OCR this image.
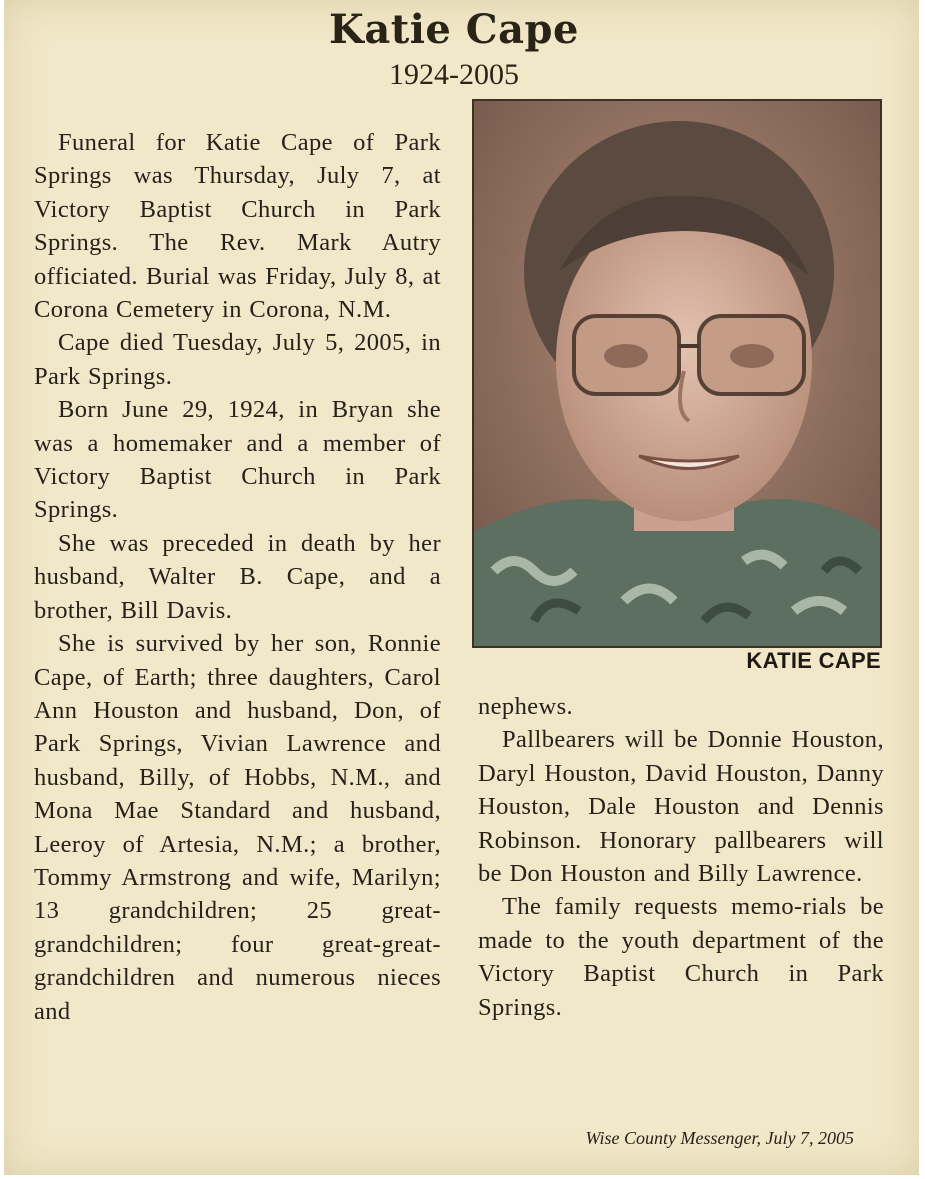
Katie Cape
1924-2005

Funeral for Katie Cape of Park Springs was Thursday, July 7, at Victory Baptist Church in Park Springs. The Rev. Mark Autry officiated. Burial was Friday, July 8, at Corona Cemetery in Corona, N.M.

Cape died Tuesday, July 5, 2005, in Park Springs.

Born June 29, 1924, in Bryan she was a homemaker and a member of Victory Baptist Church in Park Springs.

She was preceded in death by her husband, Walter B. Cape, and a brother, Bill Davis.

She is survived by her son, Ronnie Cape, of Earth; three daughters, Carol Ann Houston and husband, Don, of Park Springs, Vivian Lawrence and husband, Billy, of Hobbs, N.M., and Mona Mae Standard and husband, Leeroy of Artesia, N.M.; a brother, Tommy Armstrong and wife, Marilyn; 13 grandchildren; 25 great-grandchildren; four great-great-grandchildren and numerous nieces and

KATIE CAPE

nephews.

Pallbearers will be Donnie Houston, Daryl Houston, David Houston, Danny Houston, Dale Houston and Dennis Robinson. Honorary pallbearers will be Don Houston and Billy Lawrence.

The family requests memo-rials be made to the youth department of the Victory Baptist Church in Park Springs.

Wise County Messenger, July 7, 2005
